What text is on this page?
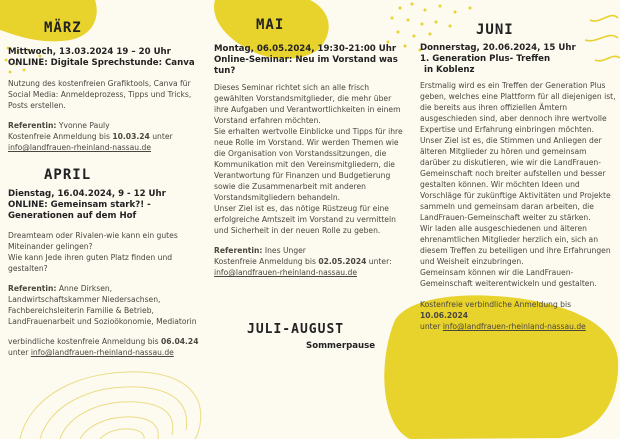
MÄRZ
Mittwoch, 13.03.2024 19 – 20 Uhr
ONLINE: Digitale Sprechstunde: Canva

Nutzung des kostenfreien Grafiktools, Canva für Social Media: Anmeldeprozess, Tipps und Tricks, Posts erstellen.

Referentin: Yvonne Pauly

Kostenfreie Anmeldung bis 10.03.24 unter

info@landfrauen-rheinland-nassau.de

APRIL
Dienstag, 16.04.2024, 9 - 12 Uhr
ONLINE: Gemeinsam stark?! - Generationen auf dem Hof

Dreamteam oder Rivalen-wie kann ein gutes Miteinander gelingen?

Wie kann Jede ihren guten Platz finden und gestalten?

Referentin: Anne Dirksen, Landwirtschaftskammer Niedersachsen, Fachbereichsleiterin Familie & Betrieb, LandFrauenarbeit und Sozioökonomie, Mediatorin

verbindliche kostenfreie Anmeldung bis 06.04.24

unter info@landfrauen-rheinland-nassau.de

MAI
Montag, 06.05.2024, 19:30-21:00 Uhr
Online-Seminar: Neu im Vorstand was tun?

Dieses Seminar richtet sich an alle frisch gewählten Vorstandsmitglieder, die mehr über ihre Aufgaben und Verantwortlichkeiten in einem Vorstand erfahren möchten.

Sie erhalten wertvolle Einblicke und Tipps für ihre neue Rolle im Vorstand. Wir werden Themen wie die Organisation von Vorstandssitzungen, die Kommunikation mit den Vereinsmitgliedern, die Verantwortung für Finanzen und Budgetierung sowie die Zusammenarbeit mit anderen Vorstandsmitgliedern behandeln.

Unser Ziel ist es, das nötige Rüstzeug für eine erfolgreiche Amtszeit im Vorstand zu vermitteln und Sicherheit in der neuen Rolle zu geben.

Referentin: Ines Unger

Kostenfreie Anmeldung bis 02.05.2024 unter:

info@landfrauen-rheinland-nassau.de

JULI-AUGUST
Sommerpause
JUNI
Donnerstag, 20.06.2024, 15 Uhr
1. Generation Plus- Treffen
in Koblenz

Erstmalig wird es ein Treffen der Generation Plus geben, welches eine Plattform für all diejenigen ist, die bereits aus ihren offiziellen Ämtern ausgeschieden sind, aber dennoch ihre wertvolle Expertise und Erfahrung einbringen möchten.

Unser Ziel ist es, die Stimmen und Anliegen der älteren Mitglieder zu hören und gemeinsam darüber zu diskutieren, wie wir die LandFrauen-Gemeinschaft noch breiter aufstellen und besser gestalten können. Wir möchten Ideen und Vorschläge für zukünftige Aktivitäten und Projekte sammeln und gemeinsam daran arbeiten, die LandFrauen-Gemeinschaft weiter zu stärken.

Wir laden alle ausgeschiedenen und älteren ehrenamtlichen Mitglieder herzlich ein, sich an diesem Treffen zu beteiligen und ihre Erfahrungen und Weisheit einzubringen.

Gemeinsam können wir die LandFrauen-Gemeinschaft weiterentwickeln und gestalten.

Kostenfreie verbindliche Anmeldung bis 10.06.2024

unter info@landfrauen-rheinland-nassau.de
